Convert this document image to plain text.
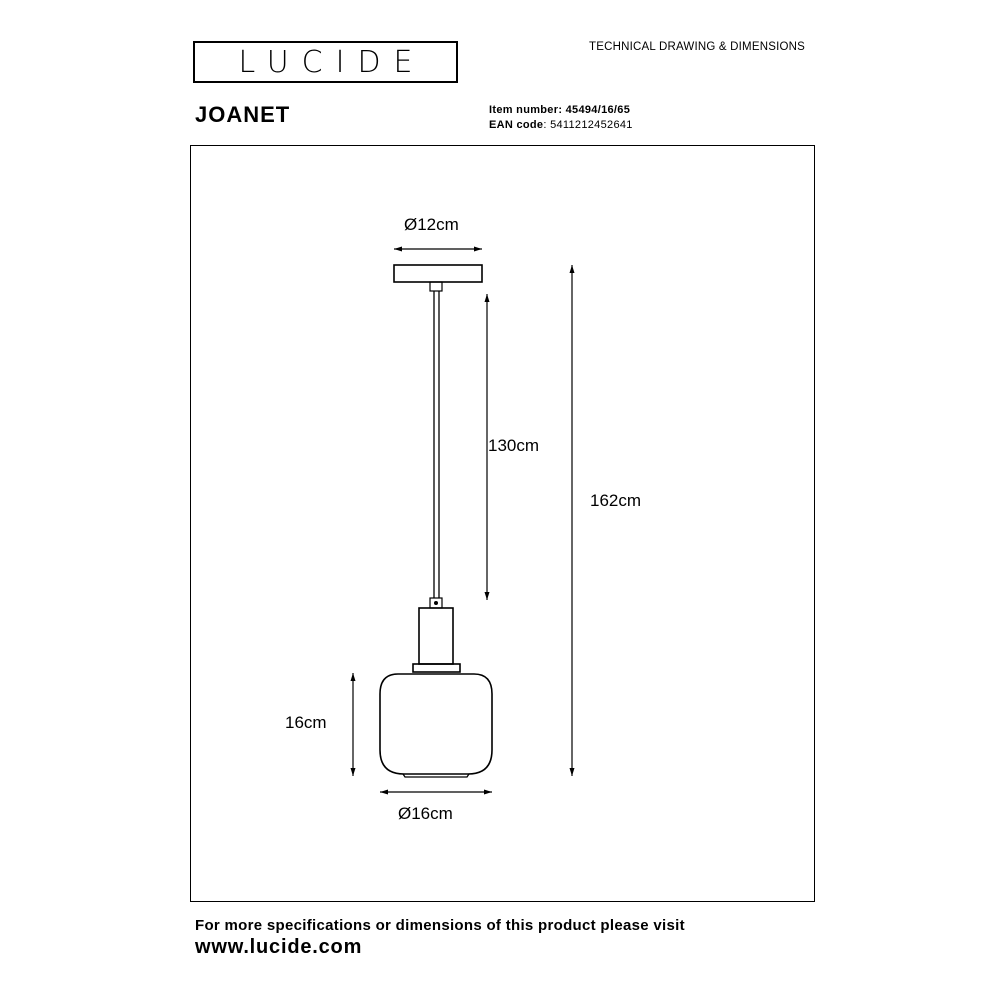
LUCIDE	TECHNICAL DRAWING & DIMENSIONS
JOANET	Item number: 45494/16/65
EAN code: 5411212452641
Ø12cm
130cm
162cm
16cm
Ø16cm
For more specifications or dimensions of this product please visit
www.lucide.com
